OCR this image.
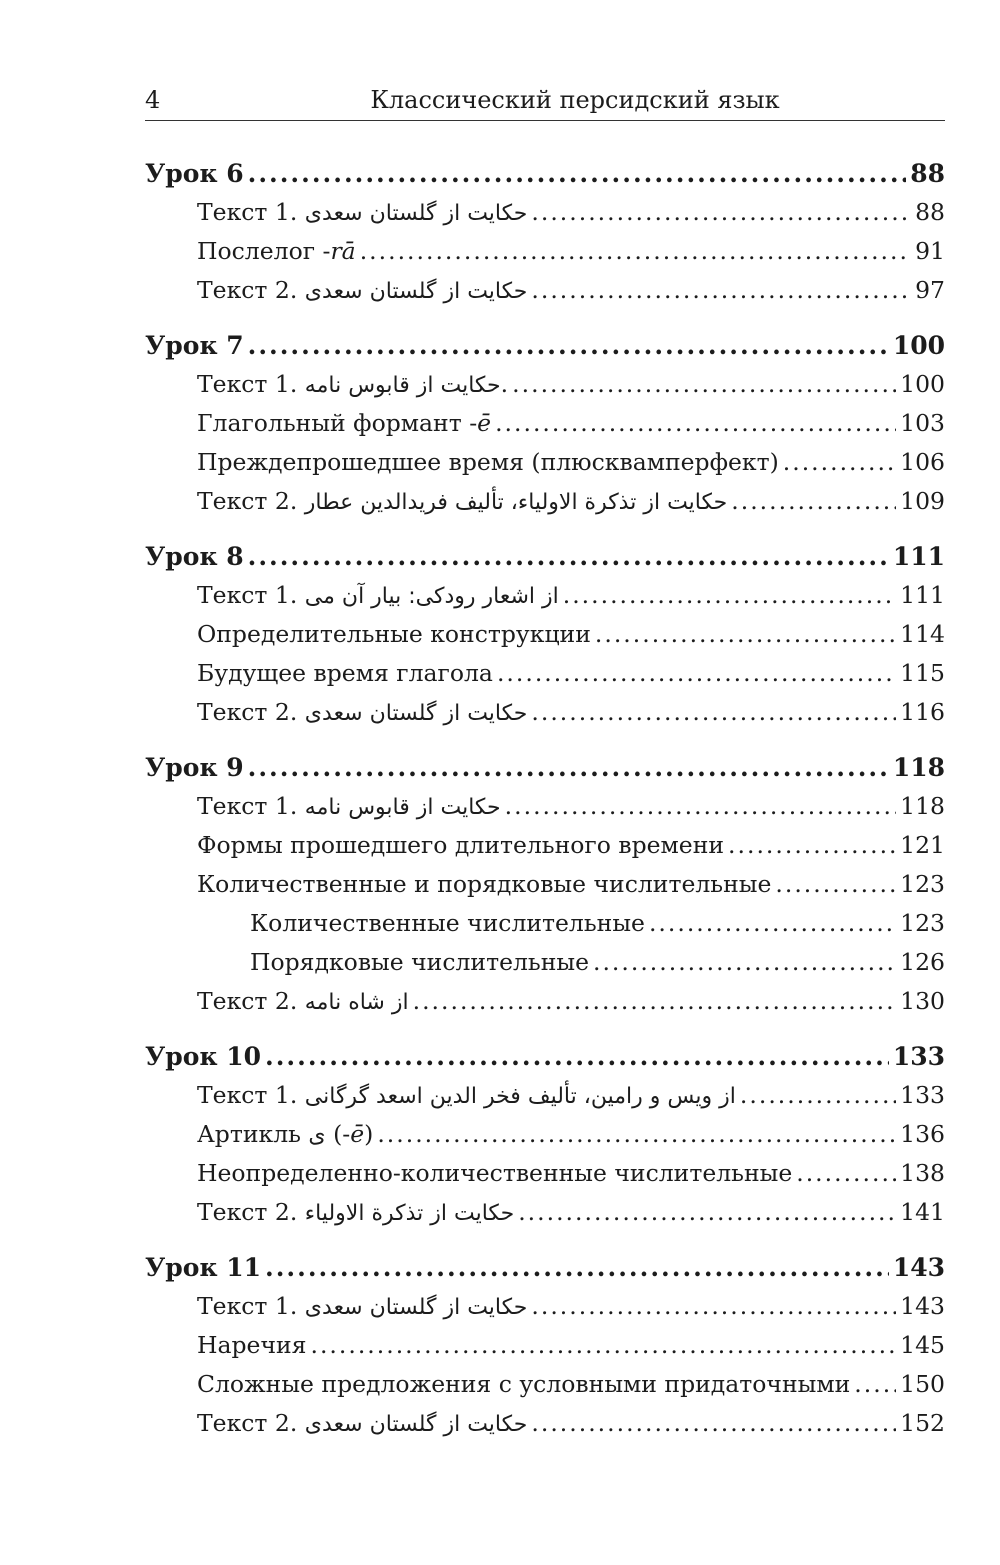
4	Классический персидский язык
Урок 6 .....	88
Текст 1. حکایت از گلستان سعدی .....	88
Послелог -rā .....	91
Текст 2. حکایت از گلستان سعدی .....	97
Урок 7 .....	100
Текст 1. حکایت از قابوس نامه. .....	100
Глагольный формант -ē .....	103
Преждепрошедшее время (плюсквамперфект) .....	106
Текст 2. حکایت از تذکرة الاولیاء، تألیف فریدالدین عطار .....	109
Урок 8 .....	111
Текст 1. از اشعار رودکی: بیار آن می .....	111
Определительные конструкции .....	114
Будущее время глагола .....	115
Текст 2. حکایت از گلستان سعدی .....	116
Урок 9 .....	118
Текст 1. حکایت از قابوس نامه .....	118
Формы прошедшего длительного времени .....	121
Количественные и порядковые числительные .....	123
Количественные числительные .....	123
Порядковые числительные .....	126
Текст 2. از شاه نامه .....	130
Урок 10 .....	133
Текст 1. از ویس و رامین، تألیف فخر الدین اسعد گرگانی .....	133
Артикль ی (-ē) .....	136
Неопределенно-количественные числительные .....	138
Текст 2. حکایت از تذکرة الاولیاء .....	141
Урок 11 .....	143
Текст 1. حکایت از گلستان سعدی .....	143
Наречия .....	145
Сложные предложения с условными придаточными ..... 150
Текст 2. حکایت از گلستان سعدی .....	152
